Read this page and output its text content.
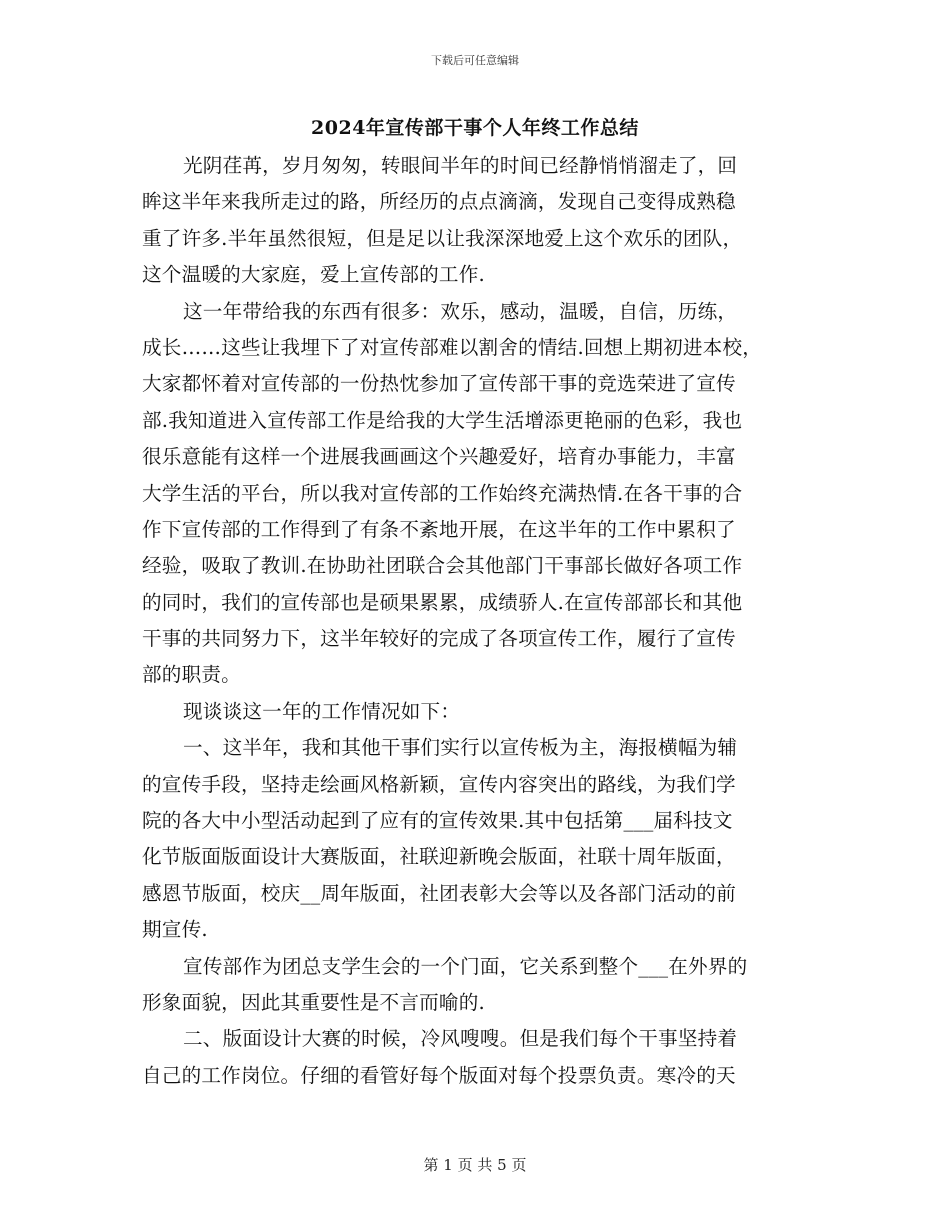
下载后可任意编辑
2024年宣传部干事个人年终工作总结
光阴荏苒，岁月匆匆，转眼间半年的时间已经静悄悄溜走了，回
眸这半年来我所走过的路，所经历的点点滴滴，发现自己变得成熟稳
重了许多.半年虽然很短，但是足以让我深深地爱上这个欢乐的团队，
这个温暖的大家庭，爱上宣传部的工作.
这一年带给我的东西有很多：欢乐，感动，温暖，自信，历练，
成长……这些让我埋下了对宣传部难以割舍的情结.回想上期初进本校，
大家都怀着对宣传部的一份热忱参加了宣传部干事的竞选荣进了宣传
部.我知道进入宣传部工作是给我的大学生活增添更艳丽的色彩，我也
很乐意能有这样一个进展我画画这个兴趣爱好，培育办事能力，丰富
大学生活的平台，所以我对宣传部的工作始终充满热情.在各干事的合
作下宣传部的工作得到了有条不紊地开展，在这半年的工作中累积了
经验，吸取了教训.在协助社团联合会其他部门干事部长做好各项工作
的同时，我们的宣传部也是硕果累累，成绩骄人.在宣传部部长和其他
干事的共同努力下，这半年较好的完成了各项宣传工作，履行了宣传
部的职责。
现谈谈这一年的工作情况如下：
一、这半年，我和其他干事们实行以宣传板为主，海报横幅为辅
的宣传手段，坚持走绘画风格新颖，宣传内容突出的路线，为我们学
院的各大中小型活动起到了应有的宣传效果.其中包括第___届科技文
化节版面版面设计大赛版面，社联迎新晚会版面，社联十周年版面，
感恩节版面，校庆__周年版面，社团表彰大会等以及各部门活动的前
期宣传.
宣传部作为团总支学生会的一个门面，它关系到整个___在外界的
形象面貌，因此其重要性是不言而喻的.
二、版面设计大赛的时候，冷风嗖嗖。但是我们每个干事坚持着
自己的工作岗位。仔细的看管好每个版面对每个投票负责。寒冷的天
第 1 页 共 5 页
